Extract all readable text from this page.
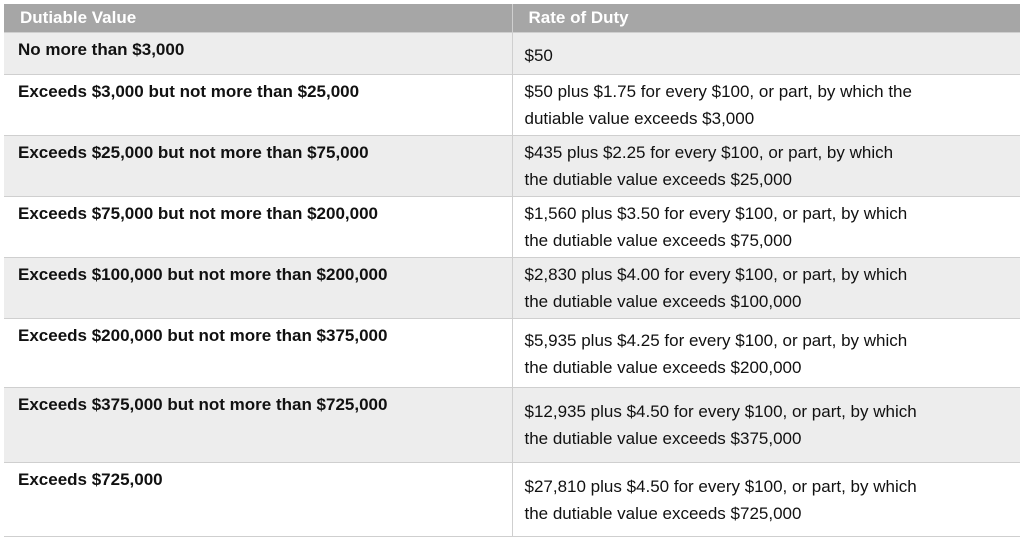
Dutiable Value	Rate of Duty
No more than $3,000	$50

Exceeds $3,000 but not more than $25,000	$50 plus $1.75 for every $100, or part, by which the
dutiable value exceeds $3,000

Exceeds $25,000 but not more than $75,000	$435 plus $2.25 for every $100, or part, by which
the dutiable value exceeds $25,000

Exceeds $75,000 but not more than $200,000	$1,560 plus $3.50 for every $100, or part, by which
the dutiable value exceeds $75,000

Exceeds $100,000 but not more than $200,000	$2,830 plus $4.00 for every $100, or part, by which
the dutiable value exceeds $100,000

Exceeds $200,000 but not more than $375,000	$5,935 plus $4.25 for every $100, or part, by which
the dutiable value exceeds $200,000

Exceeds $375,000 but not more than $725,000	$12,935 plus $4.50 for every $100, or part, by which
the dutiable value exceeds $375,000

Exceeds $725,000	$27,810 plus $4.50 for every $100, or part, by which
the dutiable value exceeds $725,000
